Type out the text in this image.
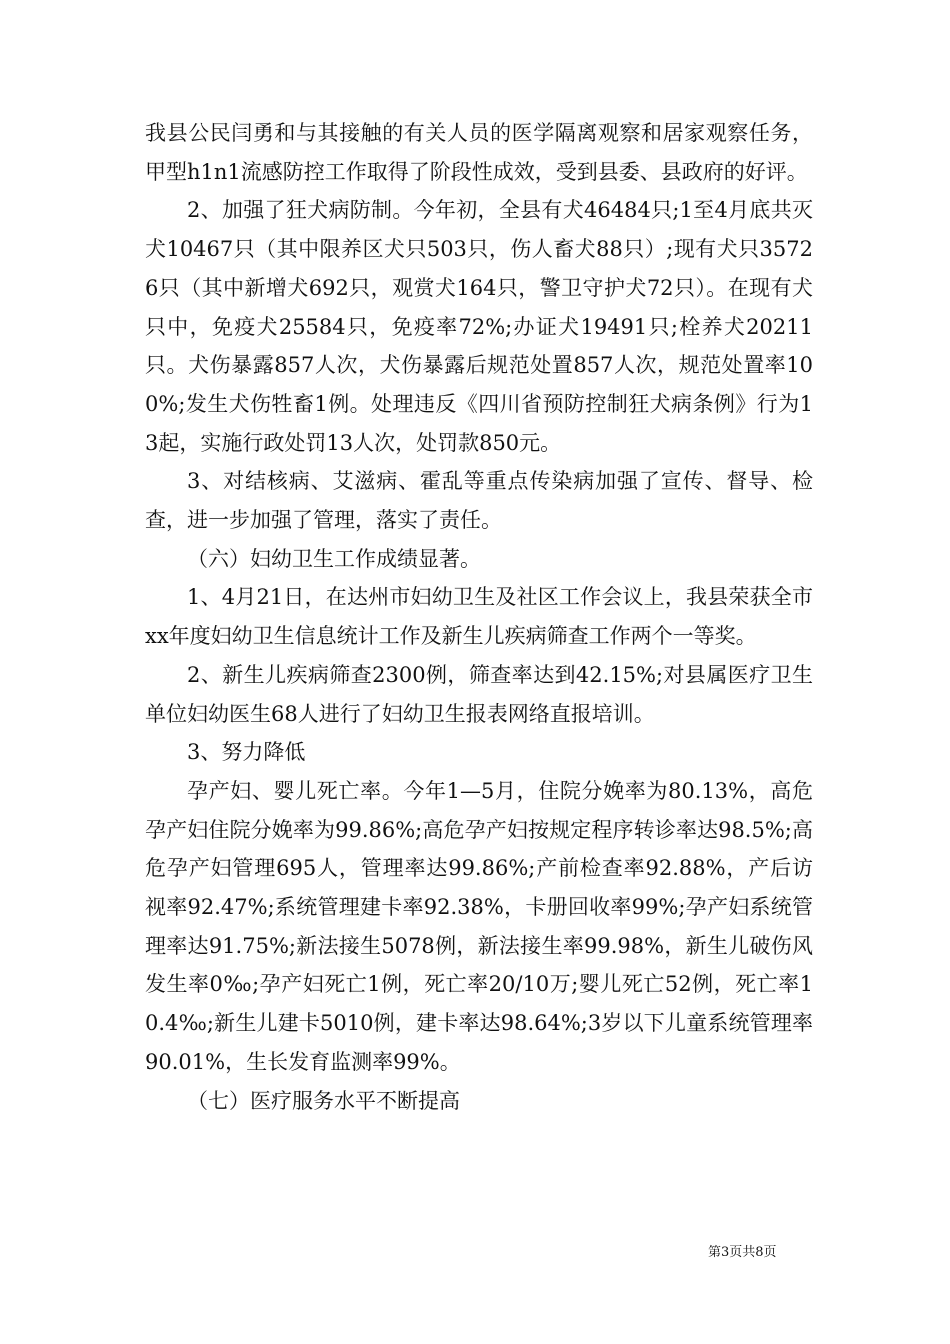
我县公民闫勇和与其接触的有关人员的医学隔离观察和居家观察任务，甲型h1n1流感防控工作取得了阶段性成效，受到县委、县政府的好评。

2、加强了狂犬病防制。今年初，全县有犬46484只;1至4月底共灭犬10467只（其中限养区犬只503只，伤人畜犬88只）;现有犬只35726只（其中新增犬692只，观赏犬164只，警卫守护犬72只）。在现有犬只中，免疫犬25584只，免疫率72%;办证犬19491只;栓养犬20211只。犬伤暴露857人次，犬伤暴露后规范处置857人次，规范处置率100%;发生犬伤牲畜1例。处理违反《四川省预防控制狂犬病条例》行为13起，实施行政处罚13人次，处罚款850元。

3、对结核病、艾滋病、霍乱等重点传染病加强了宣传、督导、检查，进一步加强了管理，落实了责任。

（六）妇幼卫生工作成绩显著。

1、4月21日，在达州市妇幼卫生及社区工作会议上，我县荣获全市xx年度妇幼卫生信息统计工作及新生儿疾病筛查工作两个一等奖。

2、新生儿疾病筛查2300例，筛查率达到42.15%;对县属医疗卫生单位妇幼医生68人进行了妇幼卫生报表网络直报培训。

3、努力降低

孕产妇、婴儿死亡率。今年1—5月，住院分娩率为80.13%，高危孕产妇住院分娩率为99.86%;高危孕产妇按规定程序转诊率达98.5%;高危孕产妇管理695人，管理率达99.86%;产前检查率92.88%，产后访视率92.47%;系统管理建卡率92.38%，卡册回收率99%;孕产妇系统管理率达91.75%;新法接生5078例，新法接生率99.98%，新生儿破伤风发生率0‰;孕产妇死亡1例，死亡率20/10万;婴儿死亡52例，死亡率10.4‰;新生儿建卡5010例，建卡率达98.64%;3岁以下儿童系统管理率90.01%，生长发育监测率99%。

（七）医疗服务水平不断提高

第3页共8页
